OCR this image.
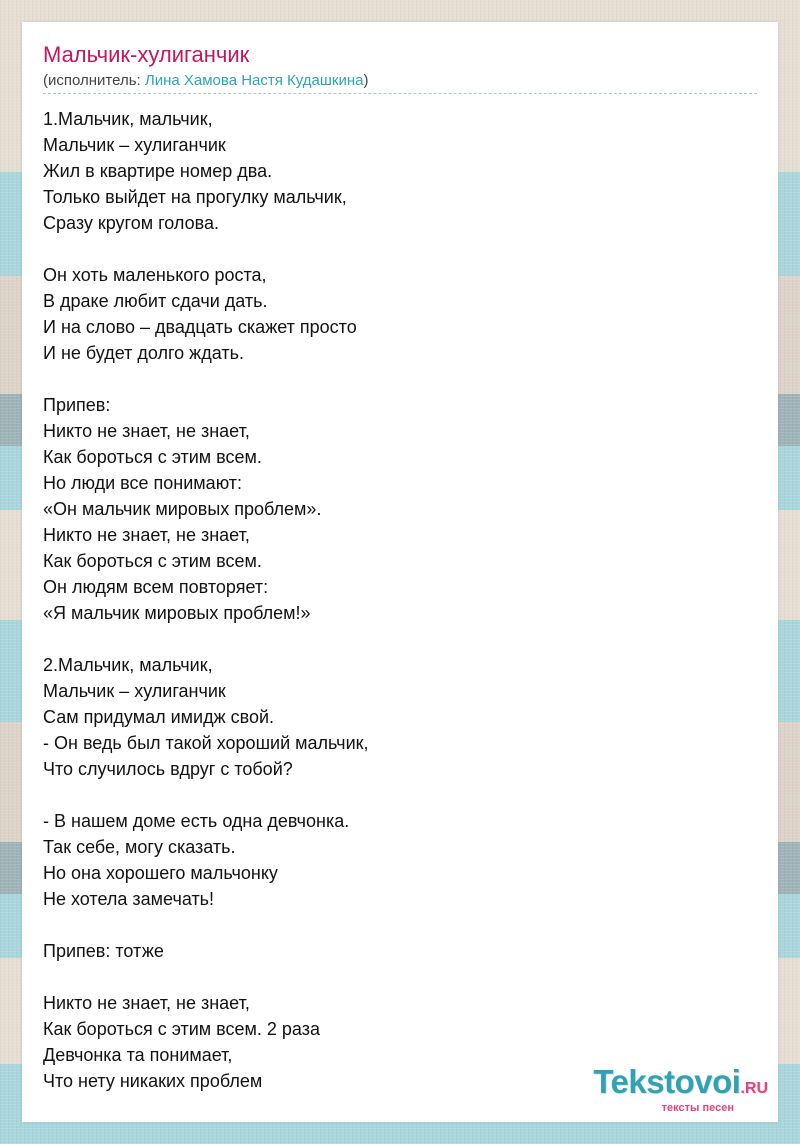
Мальчик-хулиганчик
(исполнитель: Лина Хамова Настя Кудашкина)
1.Мальчик, мальчик,
Мальчик – хулиганчик
Жил в квартире номер два.
Только выйдет на прогулку мальчик,
Сразу кругом голова.

Он хоть маленького роста,
В драке любит сдачи дать.
И на слово – двадцать скажет просто
И не будет долго ждать.

Припев:
Никто не знает, не знает,
Как бороться с этим всем.
Но люди все понимают:
«Он мальчик мировых проблем».
Никто не знает, не знает,
Как бороться с этим всем.
Он людям всем повторяет:
«Я мальчик мировых проблем!»

2.Мальчик, мальчик,
Мальчик – хулиганчик
Сам придумал имидж свой.
- Он ведь был такой хороший мальчик,
Что случилось вдруг с тобой?

- В нашем доме есть одна девчонка.
Так себе, могу сказать.
Но она хорошего мальчонку
Не хотела замечать!

Припев: тотже

Никто не знает, не знает,
Как бороться с этим всем. 2 раза
Девчонка та понимает,
Что нету никаких проблем	Tekstovoi.RU
тексты песен
